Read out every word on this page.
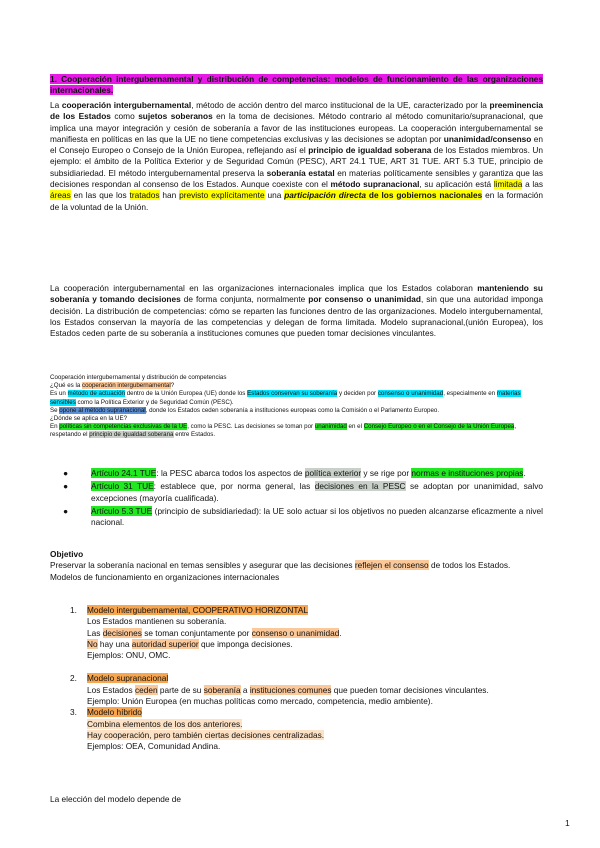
1. Cooperación intergubernamental y distribución de competencias: modelos de funcionamiento de las organizaciones internacionales.
La cooperación intergubernamental, método de acción dentro del marco institucional de la UE, caracterizado por la preeminencia de los Estados como sujetos soberanos en la toma de decisiones. Método contrario al método comunitario/supranacional, que implica una mayor integración y cesión de soberanía a favor de las instituciones europeas. La cooperación intergubernamental se manifiesta en políticas en las que la UE no tiene competencias exclusivas y las decisiones se adoptan por unanimidad/consenso en el Consejo Europeo o Consejo de la Unión Europea, reflejando así el principio de igualdad soberana de los Estados miembros. Un ejemplo: el ámbito de la Política Exterior y de Seguridad Común (PESC), ART 24.1 TUE, ART 31 TUE. ART 5.3 TUE, principio de subsidiariedad. El método intergubernamental preserva la soberanía estatal en materias políticamente sensibles y garantiza que las decisiones respondan al consenso de los Estados. Aunque coexiste con el método supranacional, su aplicación está limitada a las áreas en las que los tratados han previsto explícitamente una participación directa de los gobiernos nacionales en la formación de la voluntad de la Unión.
La cooperación intergubernamental en las organizaciones internacionales implica que los Estados colaboran manteniendo su soberanía y tomando decisiones de forma conjunta, normalmente por consenso o unanimidad, sin que una autoridad imponga decisión. La distribución de competencias: cómo se reparten las funciones dentro de las organizaciones. Modelo intergubernamental, los Estados conservan la mayoría de las competencias y delegan de forma limitada. Modelo supranacional,(unión Europea), los Estados ceden parte de su soberanía a instituciones comunes que pueden tomar decisiones vinculantes.
Cooperación intergubernamental y distribución de competencias
¿Qué es la cooperación intergubernamental?
Es un método de actuación dentro de la Unión Europea (UE) donde los Estados conservan su soberanía y deciden por consenso o unanimidad, especialmente en materias sensibles como la Política Exterior y de Seguridad Común (PESC).
Se opone al método supranacional, donde los Estados ceden soberanía a instituciones europeas como la Comisión o el Parlamento Europeo.
¿Dónde se aplica en la UE?
En políticas sin competencias exclusivas de la UE, como la PESC. Las decisiones se toman por unanimidad en el Consejo Europeo o en el Consejo de la Unión Europea, respetando el principio de igualdad soberana entre Estados.
●	Artículo 24.1 TUE: la PESC abarca todos los aspectos de política exterior y se rige por normas e instituciones propias.
●	Artículo 31 TUE: establece que, por norma general, las decisiones en la PESC se adoptan por unanimidad, salvo excepciones (mayoría cualificada).
●	Artículo 5.3 TUE (principio de subsidiariedad): la UE solo actuar si los objetivos no pueden alcanzarse eficazmente a nivel nacional.
Objetivo
Preservar la soberanía nacional en temas sensibles y asegurar que las decisiones reflejen el consenso de todos los Estados.
Modelos de funcionamiento en organizaciones internacionales
1. Modelo intergubernamental, COOPERATIVO HORIZONTAL
Los Estados mantienen su soberanía.
Las decisiones se toman conjuntamente por consenso o unanimidad.
No hay una autoridad superior que imponga decisiones.
Ejemplos: ONU, OMC.
2. Modelo supranacional
Los Estados ceden parte de su soberanía a instituciones comunes que pueden tomar decisiones vinculantes.
Ejemplo: Unión Europea (en muchas políticas como mercado, competencia, medio ambiente).
3. Modelo híbrido
Combina elementos de los dos anteriores.
Hay cooperación, pero también ciertas decisiones centralizadas.
Ejemplos: OEA, Comunidad Andina.
La elección del modelo depende de
1
